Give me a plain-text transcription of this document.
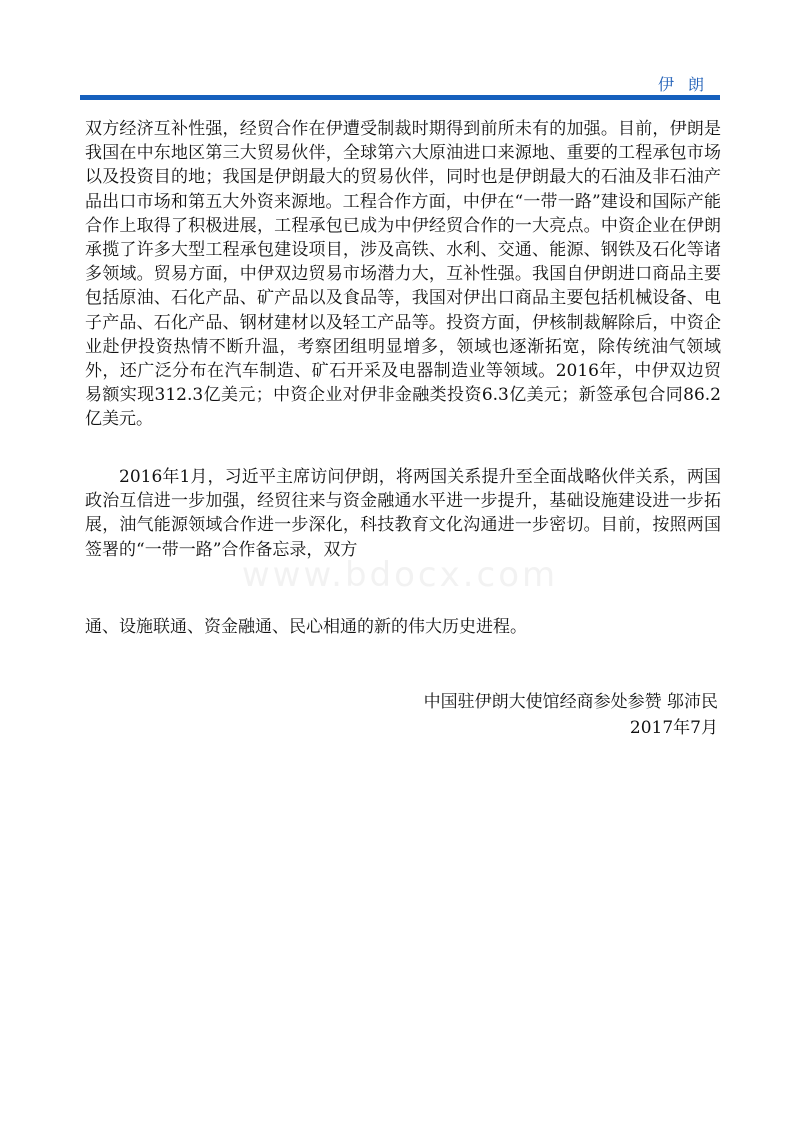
伊朗

双方经济互补性强，经贸合作在伊遭受制裁时期得到前所未有的加强。目前，伊朗是我国在中东地区第三大贸易伙伴，全球第六大原油进口来源地、重要的工程承包市场以及投资目的地；我国是伊朗最大的贸易伙伴，同时也是伊朗最大的石油及非石油产品出口市场和第五大外资来源地。工程合作方面，中伊在“一带一路”建设和国际产能合作上取得了积极进展，工程承包已成为中伊经贸合作的一大亮点。中资企业在伊朗承揽了许多大型工程承包建设项目，涉及高铁、水利、交通、能源、钢铁及石化等诸多领域。贸易方面，中伊双边贸易市场潜力大，互补性强。我国自伊朗进口商品主要包括原油、石化产品、矿产品以及食品等，我国对伊出口商品主要包括机械设备、电子产品、石化产品、钢材建材以及轻工产品等。投资方面，伊核制裁解除后，中资企业赴伊投资热情不断升温，考察团组明显增多，领域也逐渐拓宽，除传统油气领域外，还广泛分布在汽车制造、矿石开采及电器制造业等领域。2016年，中伊双边贸易额实现312.3亿美元；中资企业对伊非金融类投资6.3亿美元；新签承包合同86.2亿美元。

2016年1月，习近平主席访问伊朗，将两国关系提升至全面战略伙伴关系，两国政治互信进一步加强，经贸往来与资金融通水平进一步提升，基础设施建设进一步拓展，油气能源领域合作进一步深化，科技教育文化沟通进一步密切。目前，按照两国签署的“一带一路”合作备忘录，双方

www.bdocx.com

通、设施联通、资金融通、民心相通的新的伟大历史进程。

中国驻伊朗大使馆经商参处参赞 邬沛民
2017年7月
